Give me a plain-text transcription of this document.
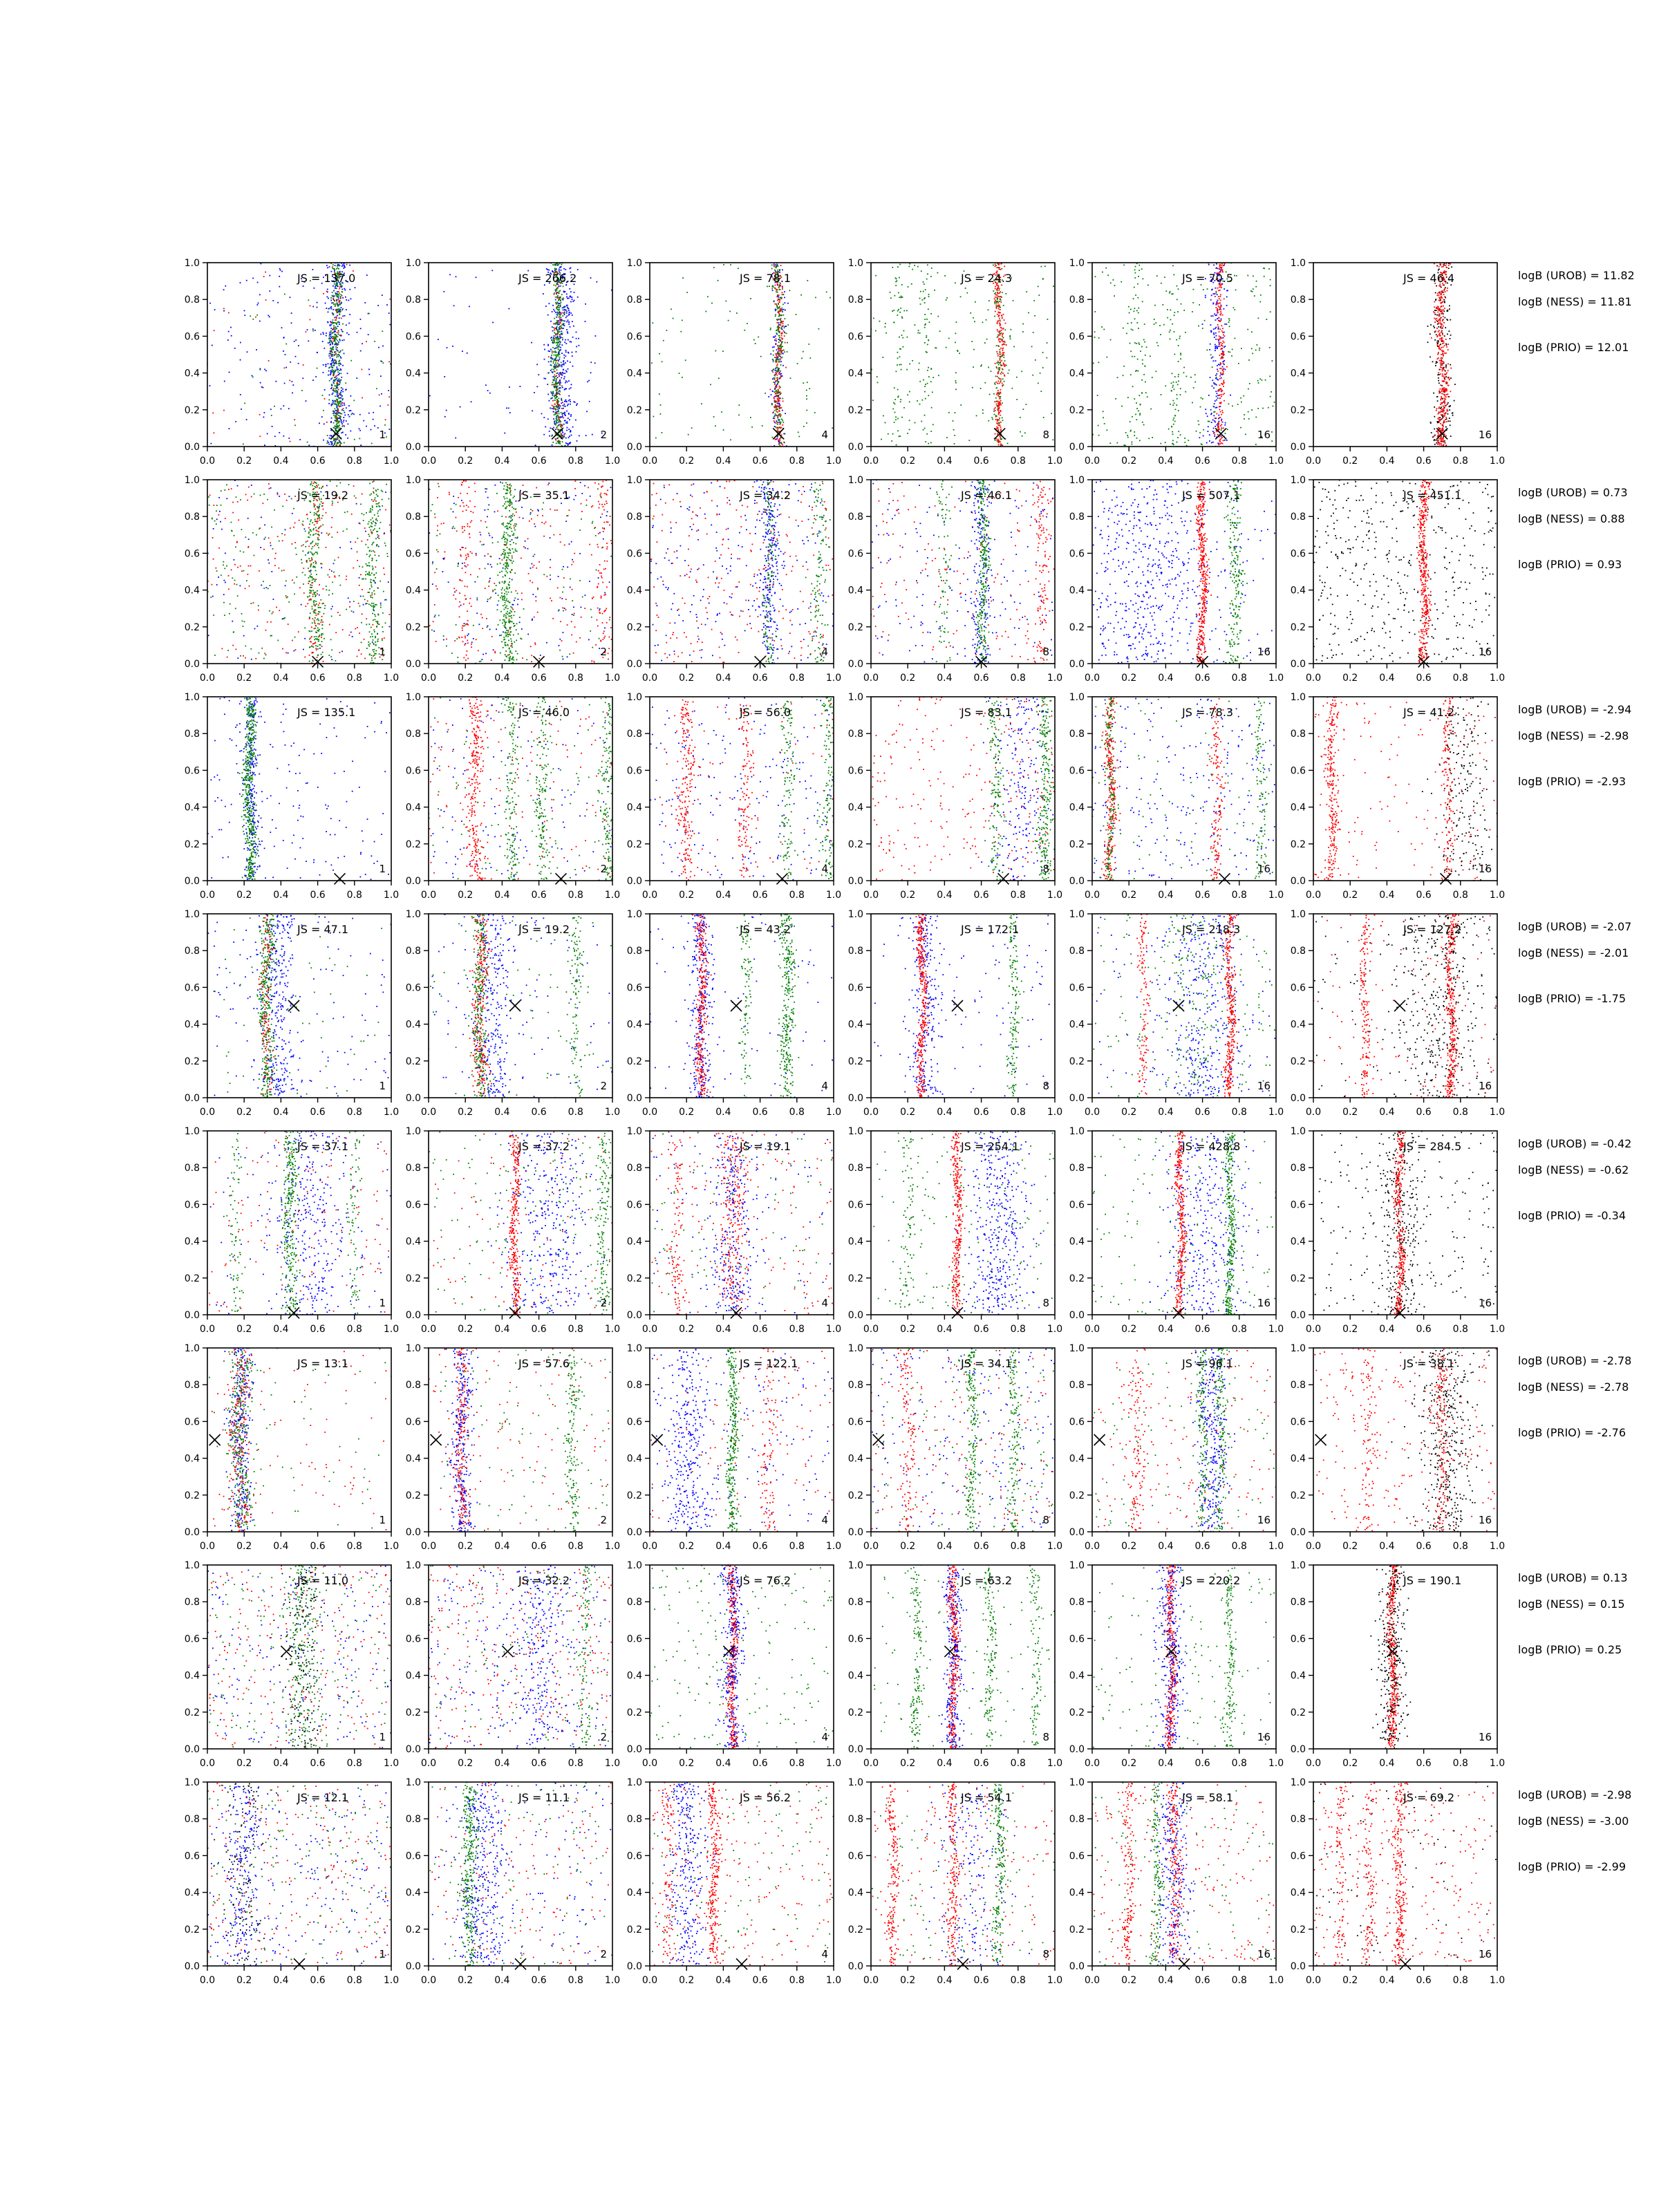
0.0 0.2 0.4 0.6 0.8 1.0
0.0
0.2
0.4
0.6
0.8
1.0
JS = 137.0
1
0.0 0.2 0.4 0.6 0.8 1.0
0.0
0.2
0.4
0.6
0.8
1.0
JS = 266.2
2
0.0 0.2 0.4 0.6 0.8 1.0
0.0
0.2
0.4
0.6
0.8
1.0
JS = 78.1
4
0.0 0.2 0.4 0.6 0.8 1.0
0.0
0.2
0.4
0.6
0.8
1.0
JS = 24.3
8
0.0 0.2 0.4 0.6 0.8 1.0
0.0
0.2
0.4
0.6
0.8
1.0
JS = 70.5
16
0.0 0.2 0.4 0.6 0.8 1.0
0.0
0.2
0.4
0.6
0.8
1.0
JS = 46.4
16
logB (UROB) = 11.82
logB (NESS) = 11.81
logB (PRIO) = 12.01
0.0 0.2 0.4 0.6 0.8 1.0
0.0
0.2
0.4
0.6
0.8
1.0
JS = 19.2
1
0.0 0.2 0.4 0.6 0.8 1.0
0.0
0.2
0.4
0.6
0.8
1.0
JS = 35.1
2
0.0 0.2 0.4 0.6 0.8 1.0
0.0
0.2
0.4
0.6
0.8
1.0
JS = 34.2
4
0.0 0.2 0.4 0.6 0.8 1.0
0.0
0.2
0.4
0.6
0.8
1.0
JS = 46.1
8
0.0 0.2 0.4 0.6 0.8 1.0
0.0
0.2
0.4
0.6
0.8
1.0
JS = 507.1
16
0.0 0.2 0.4 0.6 0.8 1.0
0.0
0.2
0.4
0.6
0.8
1.0
JS = 451.1
16
logB (UROB) = 0.73
logB (NESS) = 0.88
logB (PRIO) = 0.93
0.0 0.2 0.4 0.6 0.8 1.0
0.0
0.2
0.4
0.6
0.8
1.0
JS = 135.1
1
0.0 0.2 0.4 0.6 0.8 1.0
0.0
0.2
0.4
0.6
0.8
1.0
JS = 46.0
2
0.0 0.2 0.4 0.6 0.8 1.0
0.0
0.2
0.4
0.6
0.8
1.0
JS = 56.0
4
0.0 0.2 0.4 0.6 0.8 1.0
0.0
0.2
0.4
0.6
0.8
1.0
JS = 83.1
8
0.0 0.2 0.4 0.6 0.8 1.0
0.0
0.2
0.4
0.6
0.8
1.0
JS = 78.3
16
0.0 0.2 0.4 0.6 0.8 1.0
0.0
0.2
0.4
0.6
0.8
1.0
JS = 41.2
16
logB (UROB) = -2.94
logB (NESS) = -2.98
logB (PRIO) = -2.93
0.0 0.2 0.4 0.6 0.8 1.0
0.0
0.2
0.4
0.6
0.8
1.0
JS = 47.1
1
0.0 0.2 0.4 0.6 0.8 1.0
0.0
0.2
0.4
0.6
0.8
1.0
JS = 19.2
2
0.0 0.2 0.4 0.6 0.8 1.0
0.0
0.2
0.4
0.6
0.8
1.0
JS = 43.2
4
0.0 0.2 0.4 0.6 0.8 1.0
0.0
0.2
0.4
0.6
0.8
1.0
JS = 172.1
8
0.0 0.2 0.4 0.6 0.8 1.0
0.0
0.2
0.4
0.6
0.8
1.0
JS = 218.3
16
0.0 0.2 0.4 0.6 0.8 1.0
0.0
0.2
0.4
0.6
0.8
1.0
JS = 127.2
16
logB (UROB) = -2.07
logB (NESS) = -2.01
logB (PRIO) = -1.75
0.0 0.2 0.4 0.6 0.8 1.0
0.0
0.2
0.4
0.6
0.8
1.0
JS = 37.1
1
0.0 0.2 0.4 0.6 0.8 1.0
0.0
0.2
0.4
0.6
0.8
1.0
JS = 37.2
2
0.0 0.2 0.4 0.6 0.8 1.0
0.0
0.2
0.4
0.6
0.8
1.0
JS = 19.1
4
0.0 0.2 0.4 0.6 0.8 1.0
0.0
0.2
0.4
0.6
0.8
1.0
JS = 254.1
8
0.0 0.2 0.4 0.6 0.8 1.0
0.0
0.2
0.4
0.6
0.8
1.0
JS = 428.8
16
0.0 0.2 0.4 0.6 0.8 1.0
0.0
0.2
0.4
0.6
0.8
1.0
JS = 284.5
16
logB (UROB) = -0.42
logB (NESS) = -0.62
logB (PRIO) = -0.34
0.0 0.2 0.4 0.6 0.8 1.0
0.0
0.2
0.4
0.6
0.8
1.0
JS = 13.1
1
0.0 0.2 0.4 0.6 0.8 1.0
0.0
0.2
0.4
0.6
0.8
1.0
JS = 57.6
2
0.0 0.2 0.4 0.6 0.8 1.0
0.0
0.2
0.4
0.6
0.8
1.0
JS = 122.1
4
0.0 0.2 0.4 0.6 0.8 1.0
0.0
0.2
0.4
0.6
0.8
1.0
JS = 34.1
8
0.0 0.2 0.4 0.6 0.8 1.0
0.0
0.2
0.4
0.6
0.8
1.0
JS = 96.1
16
0.0 0.2 0.4 0.6 0.8 1.0
0.0
0.2
0.4
0.6
0.8
1.0
JS = 38.1
16
logB (UROB) = -2.78
logB (NESS) = -2.78
logB (PRIO) = -2.76
0.0 0.2 0.4 0.6 0.8 1.0
0.0
0.2
0.4
0.6
0.8
1.0
JS = 11.0
1
0.0 0.2 0.4 0.6 0.8 1.0
0.0
0.2
0.4
0.6
0.8
1.0
JS = 32.2
2
0.0 0.2 0.4 0.6 0.8 1.0
0.0
0.2
0.4
0.6
0.8
1.0
JS = 76.2
4
0.0 0.2 0.4 0.6 0.8 1.0
0.0
0.2
0.4
0.6
0.8
1.0
JS = 63.2
8
0.0 0.2 0.4 0.6 0.8 1.0
0.0
0.2
0.4
0.6
0.8
1.0
JS = 220.2
16
0.0 0.2 0.4 0.6 0.8 1.0
0.0
0.2
0.4
0.6
0.8
1.0
JS = 190.1
16
logB (UROB) = 0.13
logB (NESS) = 0.15
logB (PRIO) = 0.25
0.0 0.2 0.4 0.6 0.8 1.0
0.0
0.2
0.4
0.6
0.8
1.0
JS = 12.1
1
0.0 0.2 0.4 0.6 0.8 1.0
0.0
0.2
0.4
0.6
0.8
1.0
JS = 11.1
2
0.0 0.2 0.4 0.6 0.8 1.0
0.0
0.2
0.4
0.6
0.8
1.0
JS = 56.2
4
0.0 0.2 0.4 0.6 0.8 1.0
0.0
0.2
0.4
0.6
0.8
1.0
JS = 54.1
8
0.0 0.2 0.4 0.6 0.8 1.0
0.0
0.2
0.4
0.6
0.8
1.0
JS = 58.1
16
0.0 0.2 0.4 0.6 0.8 1.0
0.0
0.2
0.4
0.6
0.8
1.0
JS = 69.2
16
logB (UROB) = -2.98
logB (NESS) = -3.00
logB (PRIO) = -2.99
